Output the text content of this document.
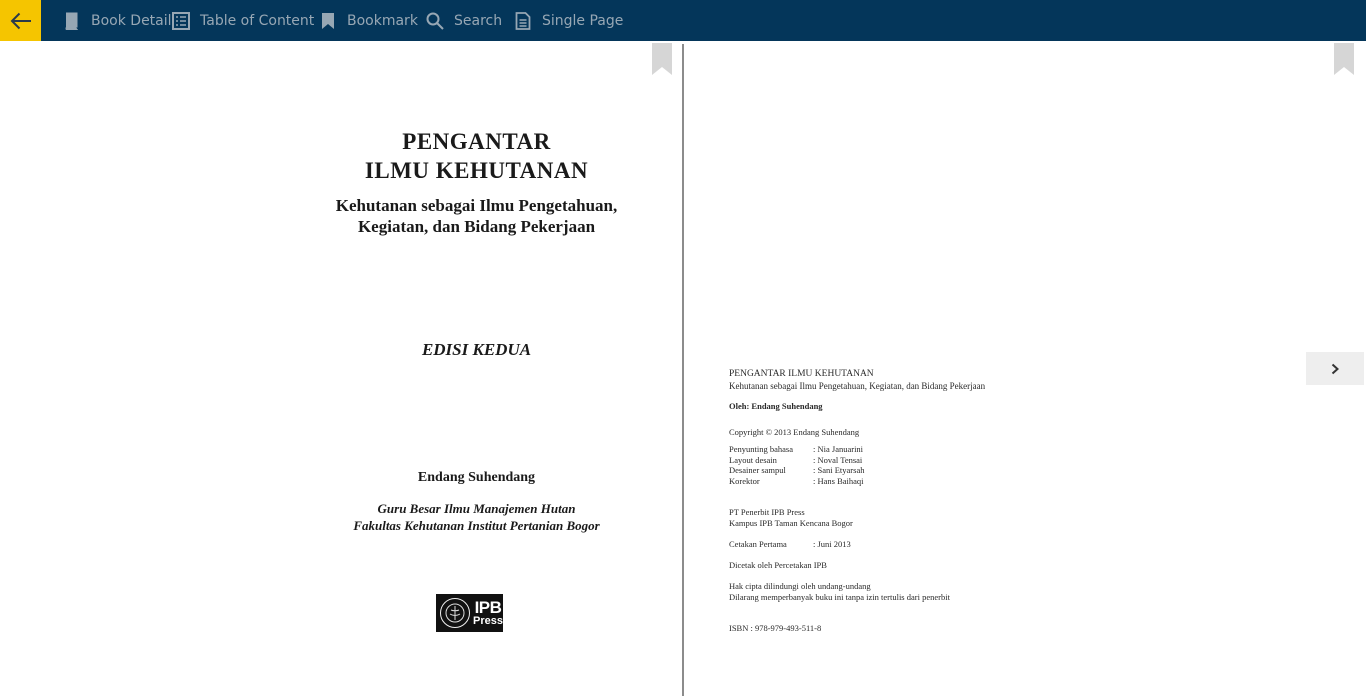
Book Detail Table of Content Bookmark	Search	Single Page
PENGANTAR
ILMU KEHUTANAN
Kehutanan sebagai Ilmu Pengetahuan,
Kegiatan, dan Bidang Pekerjaan
EDISI KEDUA
Endang Suhendang
Guru Besar Ilmu Manajemen Hutan
Fakultas Kehutanan Institut Pertanian Bogor
IPB
Press
PENGANTAR ILMU KEHUTANAN
Kehutanan sebagai Ilmu Pengetahuan, Kegiatan, dan Bidang Pekerjaan
Oleh: Endang Suhendang
Copyright © 2013 Endang Suhendang
Penyunting bahasa : Nia Januarini
Layout desain	: Noval Tensai
Desainer sampul	: Sani Etyarsah
Korektor	: Hans Baihaqi
PT Penerbit IPB Press
Kampus IPB Taman Kencana Bogor
Cetakan Pertama	: Juni 2013
Dicetak oleh Percetakan IPB
Hak cipta dilindungi oleh undang-undang
Dilarang memperbanyak buku ini tanpa izin tertulis dari penerbit
ISBN : 978-979-493-511-8
